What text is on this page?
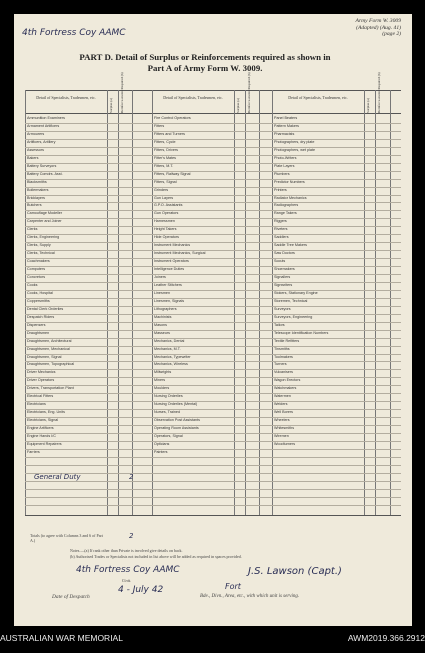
Army Form W. 3009
(Adapted) (Aug. 41)
(page 2)
4th Fortress Coy AAMC
PART D. Detail of Surplus or Reinforcements required as shown in
Part A of Army Form W. 3009.
Detail of Specialists, Tradesmen, etc.
Surplus (a) Reinforce-ments Required (b)	Detail of Specialists, Tradesmen, etc.
Surplus (a) Reinforce-ments Required (b)	Detail of Specialists, Tradesmen, etc.
Surplus (a) Reinforce-ments Required (b)
Ammunition Examiners	Fire Control Operators	Panel Beaters
Armament Artificers	Fitters	Pattern Makers
Armourers	Fitters and Turners	Pharmacists
Artificers, Artillery	Fitters, Cycle	Photographers, dry plate
Assessors	Fitters, Drivers	Photographers, wet plate
Bakers	Fitter's Mates	Photo-Writers
Battery Surveyors	Fitters, M.T.	Plate Layers
Battery Comdrs. Asst.	Fitters, Railway Signal	Plumbers
Blacksmiths	Fitters, Signal	Predictor Numbers
Boilermakers	Grinders	Printers
Bricklayers	Gun Layers	Radiator Mechanics
Butchers	G.P.O. Assistants	Radiographers
Camouflage Modeller	Gun Operators	Range Takers
Carpenter and Joiner	Harnessmen	Riggers
Clerks	Height Takers	Riveters
Clerks, Engineering	Hide Operators	Saddlers
Clerks, Supply	Instrument Mechanics	Saddle Tree Makers
Clerks, Technical	Instrument Mechanics, Surgical	Saw Doctors
Coachmakers	Instrument Operators	Scouts
Computers	Intelligence Duties	Shoemakers
Concretors	Joiners	Signallers
Cooks	Leather Stitchers	Signwriters
Cooks, Hospital	Linesmen	Stokers, Stationary Engine
Coppersmiths	Linesmen, Signals	Storemen, Technical
Dental Clerk Orderlies	Lithographers	Surveyors
Despatch Riders	Machinists	Surveyors, Engineering
Dispensers	Masons	Tailors
Draughtsmen	Masseurs	Telescope Identification Numbers
Draughtsmen, Architectural	Mechanics, Dental	Textile Refitters
Draughtsmen, Mechanical	Mechanics, M.T.	Tinsmiths
Draughtsmen, Signal	Mechanics, Typewriter	Toolmakers
Draughtsmen, Topographical	Mechanics, Wireless	Turners
Driver Mechanics	Millwrights	Vulcanisers
Driver Operators	Miners	Wagon Erectors
Drivers, Transportation Plant	Moulders	Watchmakers
Electrical Fitters	Nursing Orderlies	Watermen
Electricians	Nursing Orderlies (Mental)	Welders
Electricians, Eng. Units	Nurses, Trained	Well Borers
Electricians, Signal	Observation Post Assistants	Wheelers
Engine Artificers	Operating Room Assistants	Whitesmiths
Engine Hands I/C	Operators, Signal	Wiremen
Equipment Repairers	Opticians	Woodturners
Farriers	Painters
General Duty	2
Totals (to agree with Columns 3 and 6 of Part A.)
2
Notes.—(a) If rank other than Private is involved give details on back.
(b) Authorised Trades or Specialists not included in list above will be added as required in spaces provided.
4th Fortress Coy AAMC
Unit.
J.S. Lawson (Capt.)
Date of Despatch
4 - July 42	Fort
Bde., Divn., Area, etc., with which unit is serving.
AUSTRALIAN WAR MEMORIAL	AWM2019.366.2912
